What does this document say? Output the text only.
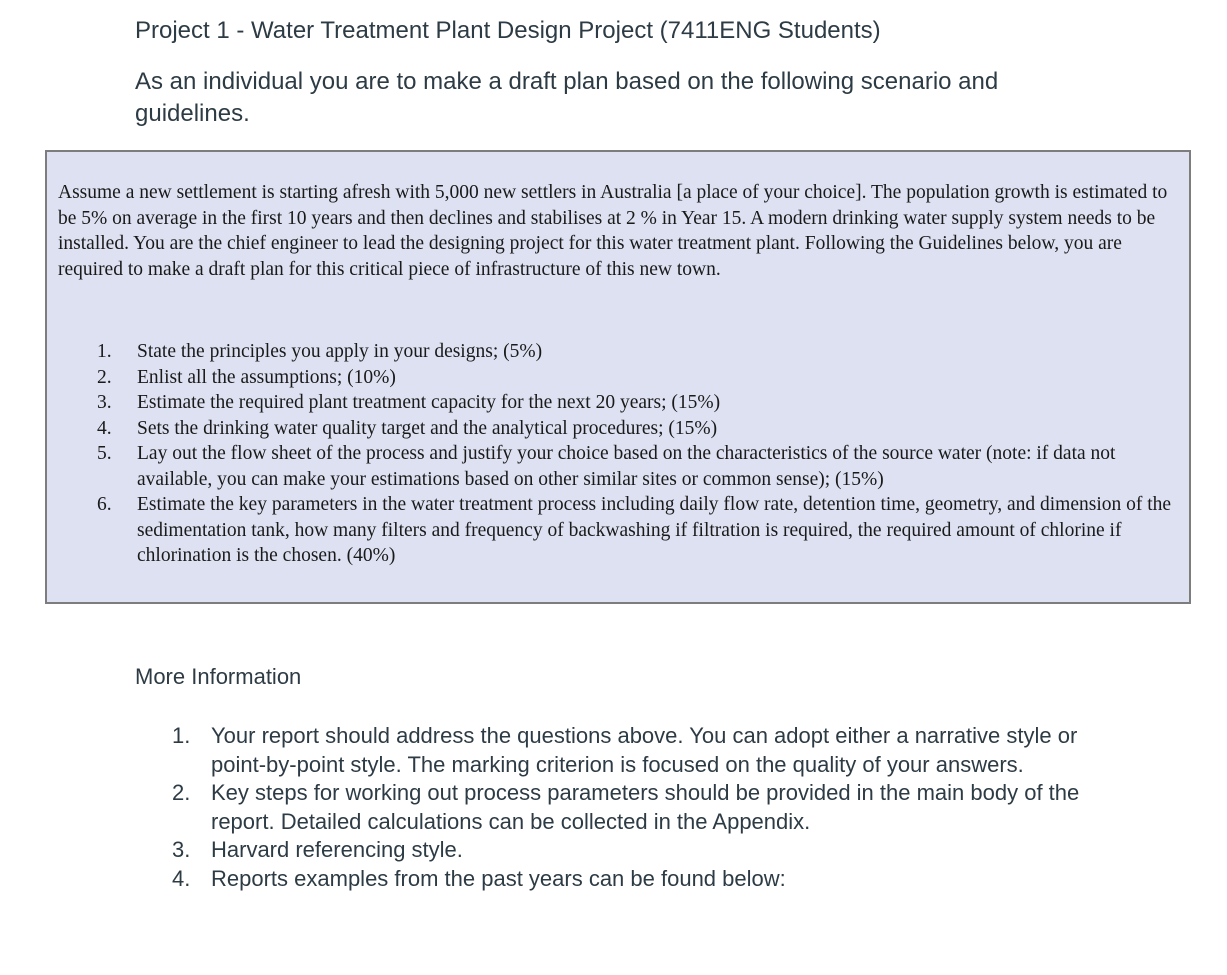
Project 1 - Water Treatment Plant Design Project (7411ENG Students)

As an individual you are to make a draft plan based on the following scenario and guidelines.

Assume a new settlement is starting afresh with 5,000 new settlers in Australia [a place of your choice]. The population growth is estimated to be 5% on average in the first 10 years and then declines and stabilises at 2 % in Year 15. A modern drinking water supply system needs to be installed. You are the chief engineer to lead the designing project for this water treatment plant. Following the Guidelines below, you are required to make a draft plan for this critical piece of infrastructure of this new town.

1. State the principles you apply in your designs; (5%)
2. Enlist all the assumptions; (10%)
3. Estimate the required plant treatment capacity for the next 20 years; (15%)
4. Sets the drinking water quality target and the analytical procedures; (15%)
5. Lay out the flow sheet of the process and justify your choice based on the characteristics of the source water (note: if data not available, you can make your estimations based on other similar sites or common sense); (15%)
6. Estimate the key parameters in the water treatment process including daily flow rate, detention time, geometry, and dimension of the sedimentation tank, how many filters and frequency of backwashing if filtration is required, the required amount of chlorine if chlorination is the chosen. (40%)
More Information
1. Your report should address the questions above. You can adopt either a narrative style or point-by-point style. The marking criterion is focused on the quality of your answers.
2. Key steps for working out process parameters should be provided in the main body of the report. Detailed calculations can be collected in the Appendix.
3. Harvard referencing style.
4. Reports examples from the past years can be found below:
